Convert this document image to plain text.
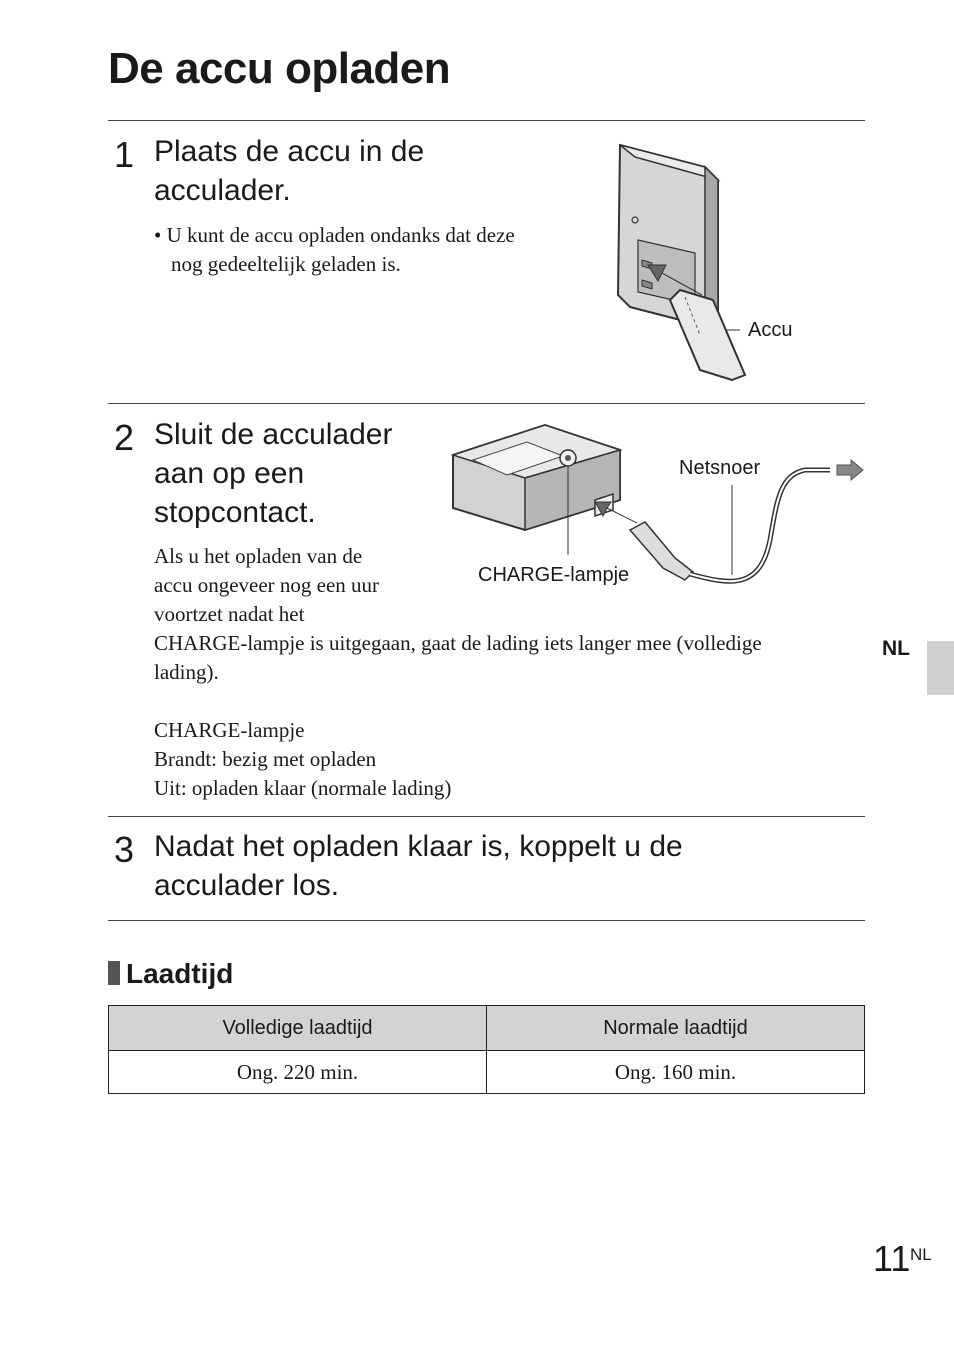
De accu opladen
1 Plaats de accu in de

acculader.

• U kunt de accu opladen ondanks dat deze
nog gedeeltelijk geladen is.
Accu
2 Sluit de acculader

aan op een

stopcontact.

Als u het opladen van de
accu ongeveer nog een uur
voortzet nadat het
CHARGE-lampje is uitgegaan, gaat de lading iets langer mee (volledige
lading).
CHARGE-lampje
Brandt: bezig met opladen
Uit: opladen klaar (normale lading)
Netsnoer
CHARGE-lampje
3 Nadat het opladen klaar is, koppelt u de

acculader los.

Laadtijd
Volledige laadtijd	Normale laadtijd
Ong. 220 min.	Ong. 160 min.
NL
11 NL
